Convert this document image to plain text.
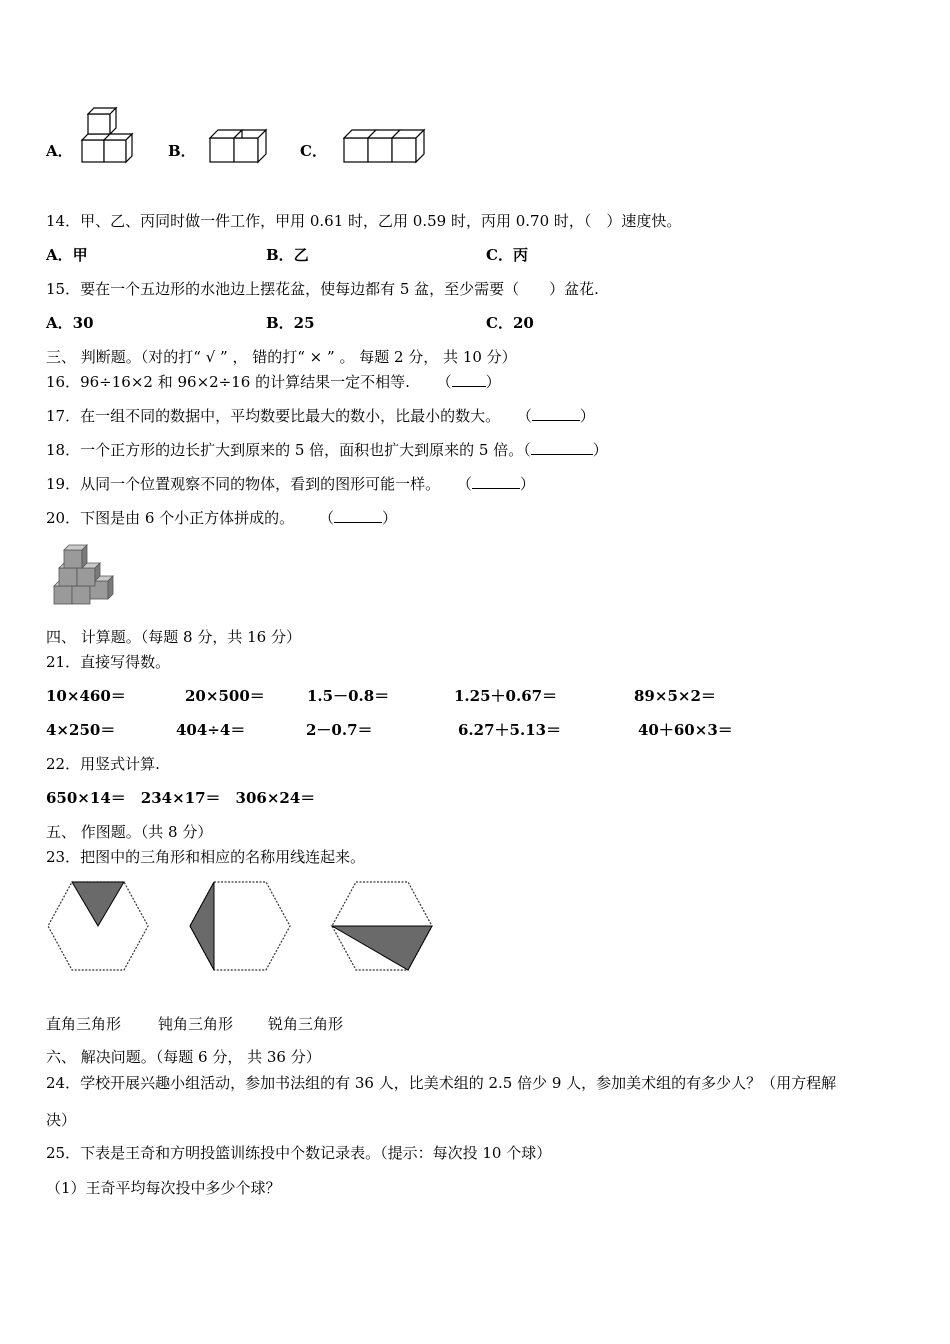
A．	B．	C．
14．甲、乙、丙同时做一件工作，甲用 0.61 时，乙用 0.59 时，丙用 0.70 时，（　）速度快。
A．甲	B．乙	C．丙
15．要在一个五边形的水池边上摆花盆，使每边都有 5 盆，至少需要（　　）盆花.
A．30	B．25	C．20
三、 判断题。（对的打“ √ ” ， 错的打“ × ” 。 每题 2 分， 共 10 分）
16．96÷16×2 和 96×2÷16 的计算结果一定不相等. （ ）
17．在一组不同的数据中，平均数要比最大的数小，比最小的数大。 （	）
18．一个正方形的边长扩大到原来的 5 倍，面积也扩大到原来的 5 倍。（	）
19．从同一个位置观察不同的物体，看到的图形可能一样。 （	）
20．下图是由 6 个小正方体拼成的。 （	）
四、 计算题。（每题 8 分，共 16 分）
21．直接写得数。
10×460＝	20×500＝	1.5－0.8＝	1.25＋0.67＝	89×5×2＝
4×250＝	404÷4＝	2－0.7＝	6.27＋5.13＝	40＋60×3＝
22．用竖式计算.
650×14＝　234×17＝　306×24＝
五、 作图题。（共 8 分）
23．把图中的三角形和相应的名称用线连起来。
直角三角形 钝角三角形 锐角三角形
六、 解决问题。（每题 6 分， 共 36 分）
24．学校开展兴趣小组活动，参加书法组的有 36 人，比美术组的 2.5 倍少 9 人，参加美术组的有多少人？（用方程解
决）
25．下表是王奇和方明投篮训练投中个数记录表。（提示：每次投 10 个球）
（1）王奇平均每次投中多少个球？
